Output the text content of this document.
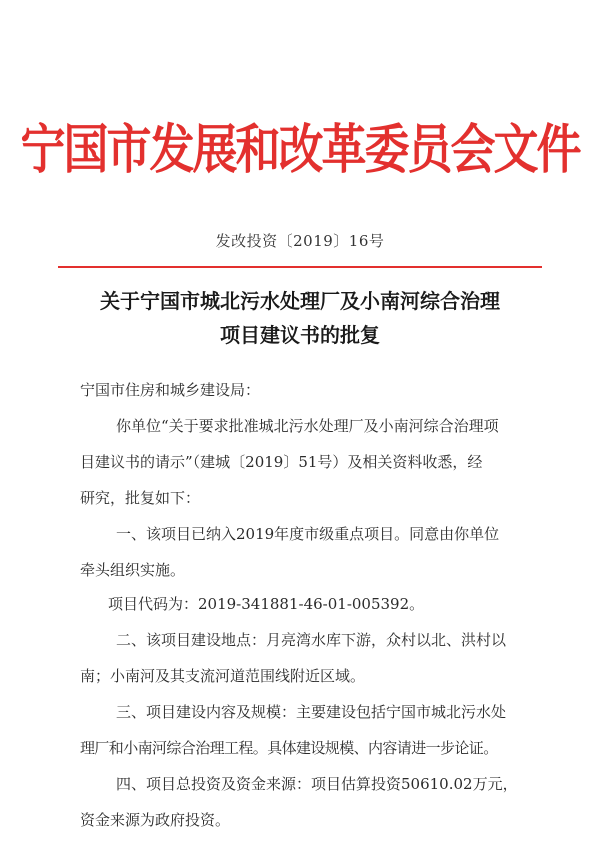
宁国市发展和改革委员会文件
发改投资〔2019〕16号
关于宁国市城北污水处理厂及小南河综合治理
项目建议书的批复
宁国市住房和城乡建设局：
你单位“关于要求批准城北污水处理厂及小南河综合治理项
目建议书的请示”（建城〔2019〕51号）及相关资料收悉，经
研究，批复如下：
一、该项目已纳入2019年度市级重点项目。同意由你单位
牵头组织实施。
项目代码为：2019-341881-46-01-005392。
二、该项目建设地点：月亮湾水库下游，众村以北、洪村以
南；小南河及其支流河道范围线附近区域。
三、项目建设内容及规模：主要建设包括宁国市城北污水处
理厂和小南河综合治理工程。具体建设规模、内容请进一步论证。
四、项目总投资及资金来源：项目估算投资50610.02万元，
资金来源为政府投资。
